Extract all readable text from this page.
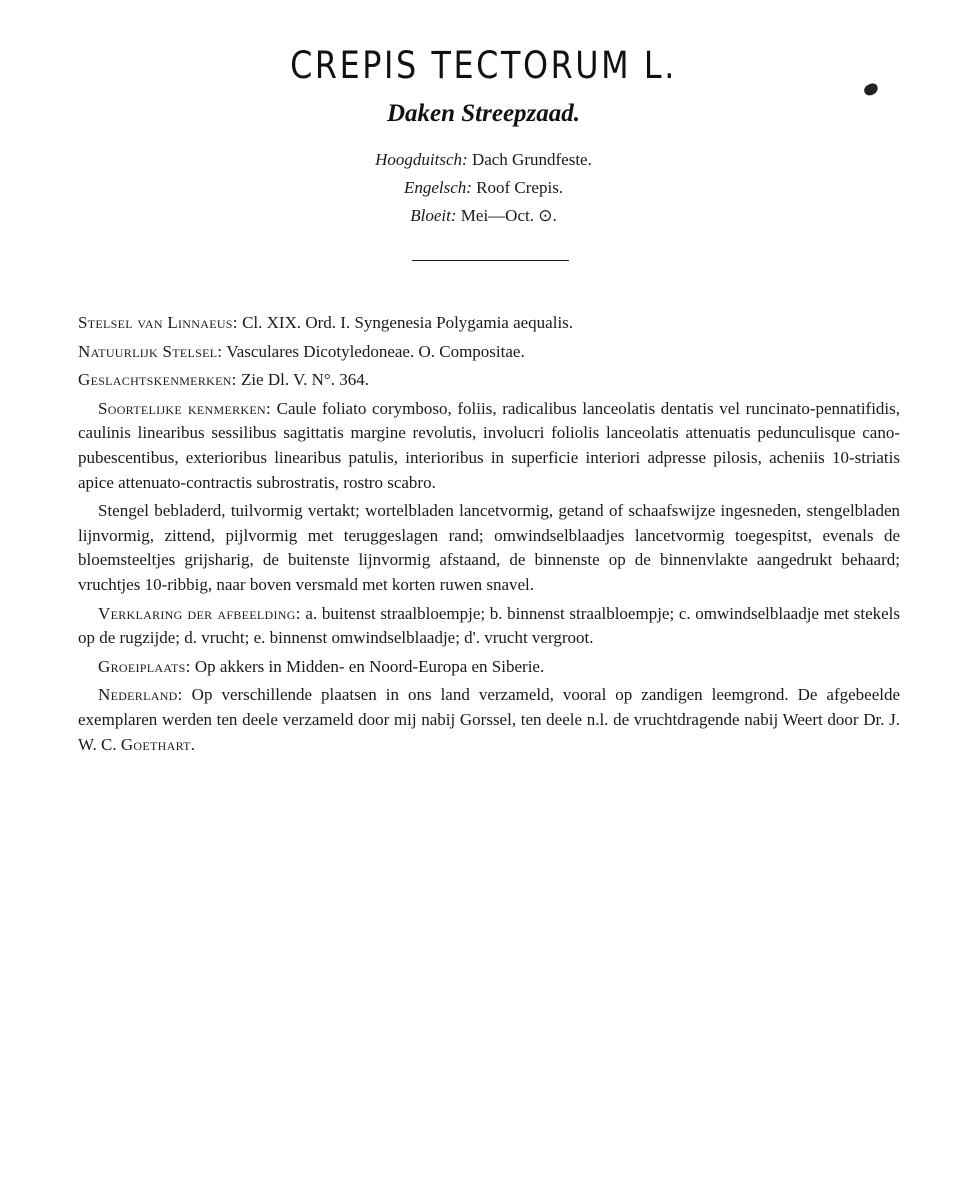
CREPIS TECTORUM L.
Daken Streepzaad.
Hoogduitsch: Dach Grundfeste.
Engelsch: Roof Crepis.
Bloeit: Mei—Oct. ⊙.

Stelsel van Linnaeus: Cl. XIX. Ord. I. Syngenesia Polygamia aequalis.

Natuurlijk Stelsel: Vasculares Dicotyledoneae. O. Compositae.

Geslachtskenmerken: Zie Dl. V. N°. 364.

Soortelijke kenmerken: Caule foliato corymboso, foliis, radicalibus lanceolatis dentatis vel runcinato-pennatifidis, caulinis linearibus sessilibus sagittatis margine revolutis, involucri foliolis lanceolatis attenuatis pedunculisque cano-pubescentibus, exterioribus linearibus patulis, interioribus in superficie interiori adpresse pilosis, acheniis 10-striatis apice attenuato-contractis subrostratis, rostro scabro.

Stengel bebladerd, tuilvormig vertakt; wortelbladen lancetvormig, getand of schaafswijze ingesneden, stengelbladen lijnvormig, zittend, pijlvormig met teruggeslagen rand; omwindselblaadjes lancetvormig toegespitst, evenals de bloemsteeltjes grijsharig, de buitenste lijnvormig afstaand, de binnenste op de binnenvlakte aangedrukt behaard; vruchtjes 10-ribbig, naar boven versmald met korten ruwen snavel.

Verklaring der afbeelding: a. buitenst straalbloempje; b. binnenst straalbloempje; c. omwindselblaadje met stekels op de rugzijde; d. vrucht; e. binnenst omwindselblaadje; d'. vrucht vergroot.

Groeiplaats: Op akkers in Midden- en Noord-Europa en Siberie.

Nederland: Op verschillende plaatsen in ons land verzameld, vooral op zandigen leemgrond. De afgebeelde exemplaren werden ten deele verzameld door mij nabij Gorssel, ten deele n.l. de vruchtdragende nabij Weert door Dr. J. W. C. Goethart.
